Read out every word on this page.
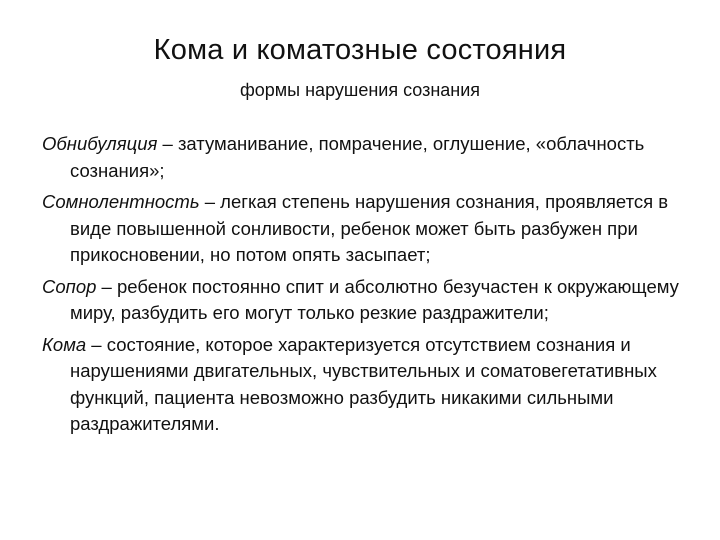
Кома и коматозные состояния
формы нарушения сознания

Обнибуляция – затуманивание, помрачение, оглушение, «облачность сознания»;

Сомнолентность – легкая степень нарушения сознания, проявляется в виде повышенной сонливости, ребенок может быть разбужен при прикосновении, но потом опять засыпает;

Сопор – ребенок постоянно спит и абсолютно безучастен к окружающему миру, разбудить его могут только резкие раздражители;

Кома – состояние, которое характеризуется отсутствием сознания и нарушениями двигательных, чувствительных и соматовегетативных функций, пациента невозможно разбудить никакими сильными раздражителями.
